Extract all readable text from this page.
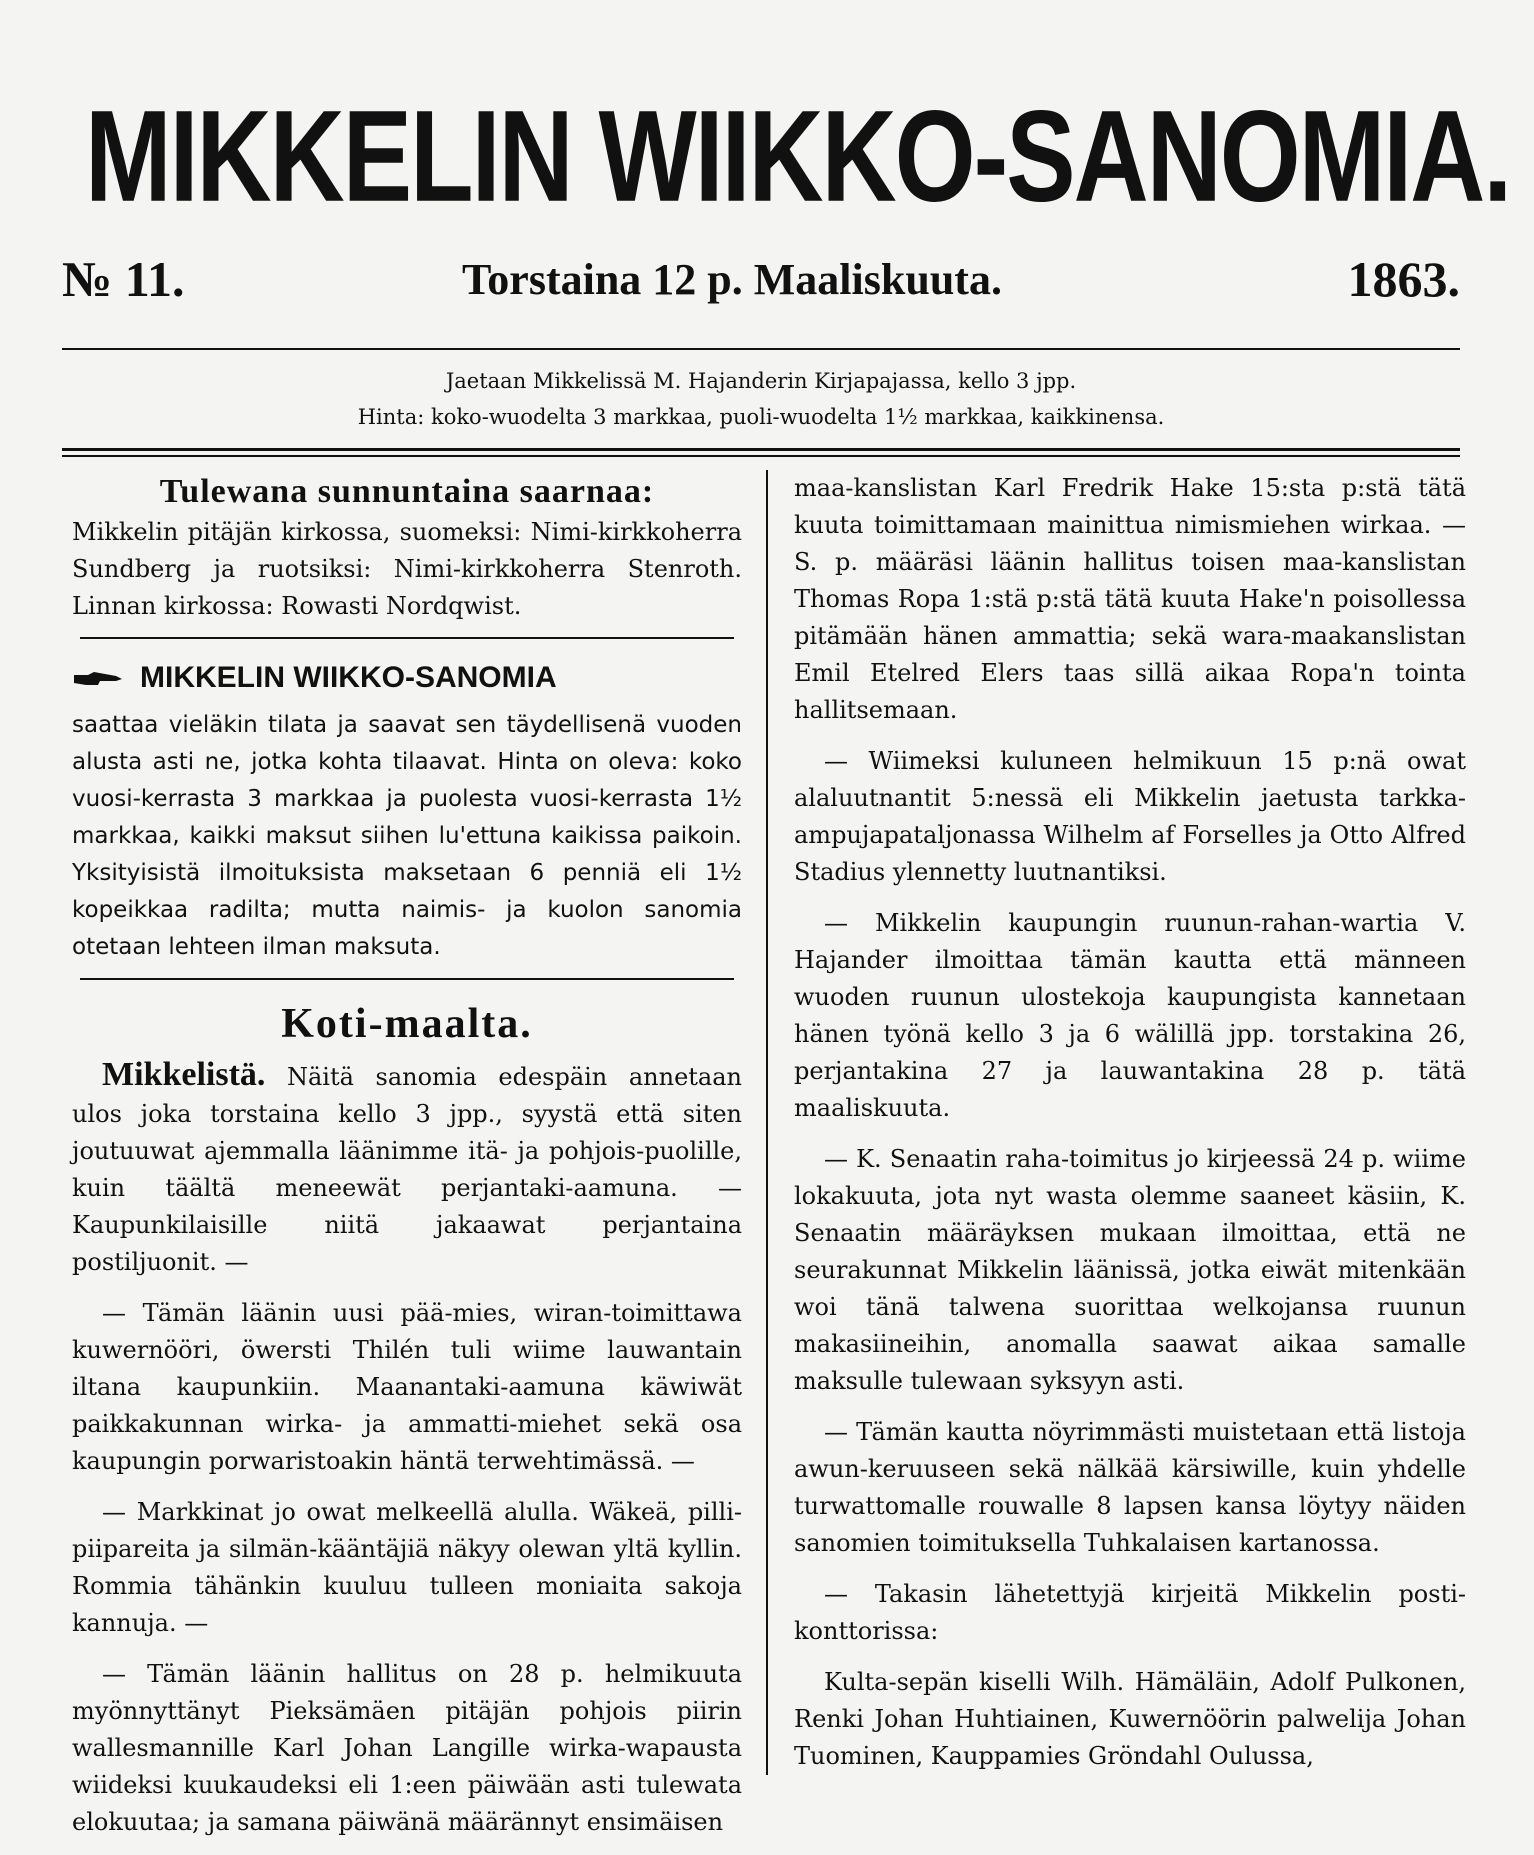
MIKKELIN WIIKKO-SANOMIA.
№ 11.	Torstaina 12 p. Maaliskuuta.	1863.
Jaetaan Mikkelissä M. Hajanderin Kirjapajassa, kello 3 jpp.
Hinta: koko-wuodelta 3 markkaa, puoli-wuodelta 1½ markkaa, kaikkinensa.
Tulewana sunnuntaina saarnaa:

Mikkelin pitäjän kirkossa, suomeksi: Nimi-kirkkoherra Sundberg ja ruotsiksi: Nimi-kirkkoherra Stenroth. Linnan kirkossa: Rowasti Nordqwist.

MIKKELIN WIIKKO-SANOMIA

saattaa vieläkin tilata ja saavat sen täydellisenä vuoden alusta asti ne, jotka kohta tilaavat. Hinta on oleva: koko vuosi-kerrasta 3 markkaa ja puolesta vuosi-kerrasta 1½ markkaa, kaikki maksut siihen lu'ettuna kaikissa paikoin. Yksityisistä ilmoituksista maksetaan 6 penniä eli 1½ kopeikkaa radilta; mutta naimis- ja kuolon sanomia otetaan lehteen ilman maksuta.

Koti-maalta.

Mikkelistä. Näitä sanomia edespäin annetaan ulos joka torstaina kello 3 jpp., syystä että siten joutuuwat ajemmalla läänimme itä- ja pohjois-puolille, kuin täältä meneewät perjantaki-aamuna. — Kaupunkilaisille niitä jakaawat perjantaina postiljuonit. —

— Tämän läänin uusi pää-mies, wiran-toimittawa kuwernööri, öwersti Thilén tuli wiime lauwantain iltana kaupunkiin. Maanantaki-aamuna käwiwät paikkakunnan wirka- ja ammatti-miehet sekä osa kaupungin porwaristoakin häntä terwehtimässä. —

— Markkinat jo owat melkeellä alulla. Wäkeä, pilli-piipareita ja silmän-kääntäjiä näkyy olewan yltä kyllin. Rommia tähänkin kuuluu tulleen moniaita sakoja kannuja. —

— Tämän läänin hallitus on 28 p. helmikuuta myönnyttänyt Pieksämäen pitäjän pohjois piirin wallesmannille Karl Johan Langille wirka-wapausta wiideksi kuukaudeksi eli 1:een päiwään asti tulewata elokuutaa; ja samana päiwänä määrännyt ensimäisen

maa-kanslistan Karl Fredrik Hake 15:sta p:stä tätä kuuta toimittamaan mainittua nimismiehen wirkaa. — S. p. määräsi läänin hallitus toisen maa-kanslistan Thomas Ropa 1:stä p:stä tätä kuuta Hake'n poisollessa pitämään hänen ammattia; sekä wara-maakanslistan Emil Etelred Elers taas sillä aikaa Ropa'n tointa hallitsemaan.

— Wiimeksi kuluneen helmikuun 15 p:nä owat alaluutnantit 5:nessä eli Mikkelin jaetusta tarkka-ampujapataljonassa Wilhelm af Forselles ja Otto Alfred Stadius ylennetty luutnantiksi.

— Mikkelin kaupungin ruunun-rahan-wartia V. Hajander ilmoittaa tämän kautta että männeen wuoden ruunun ulostekoja kaupungista kannetaan hänen työnä kello 3 ja 6 wälillä jpp. torstakina 26, perjantakina 27 ja lauwantakina 28 p. tätä maaliskuuta.

— K. Senaatin raha-toimitus jo kirjeessä 24 p. wiime lokakuuta, jota nyt wasta olemme saaneet käsiin, K. Senaatin määräyksen mukaan ilmoittaa, että ne seurakunnat Mikkelin läänissä, jotka eiwät mitenkään woi tänä talwena suorittaa welkojansa ruunun makasiineihin, anomalla saawat aikaa samalle maksulle tulewaan syksyyn asti.

— Tämän kautta nöyrimmästi muistetaan että listoja awun-keruuseen sekä nälkää kärsiwille, kuin yhdelle turwattomalle rouwalle 8 lapsen kansa löytyy näiden sanomien toimituksella Tuhkalaisen kartanossa.

— Takasin lähetettyjä kirjeitä Mikkelin posti-konttorissa:

Kulta-sepän kiselli Wilh. Hämäläin, Adolf Pulkonen, Renki Johan Huhtiainen, Kuwernöörin palwelija Johan Tuominen, Kauppamies Gröndahl Oulussa,
